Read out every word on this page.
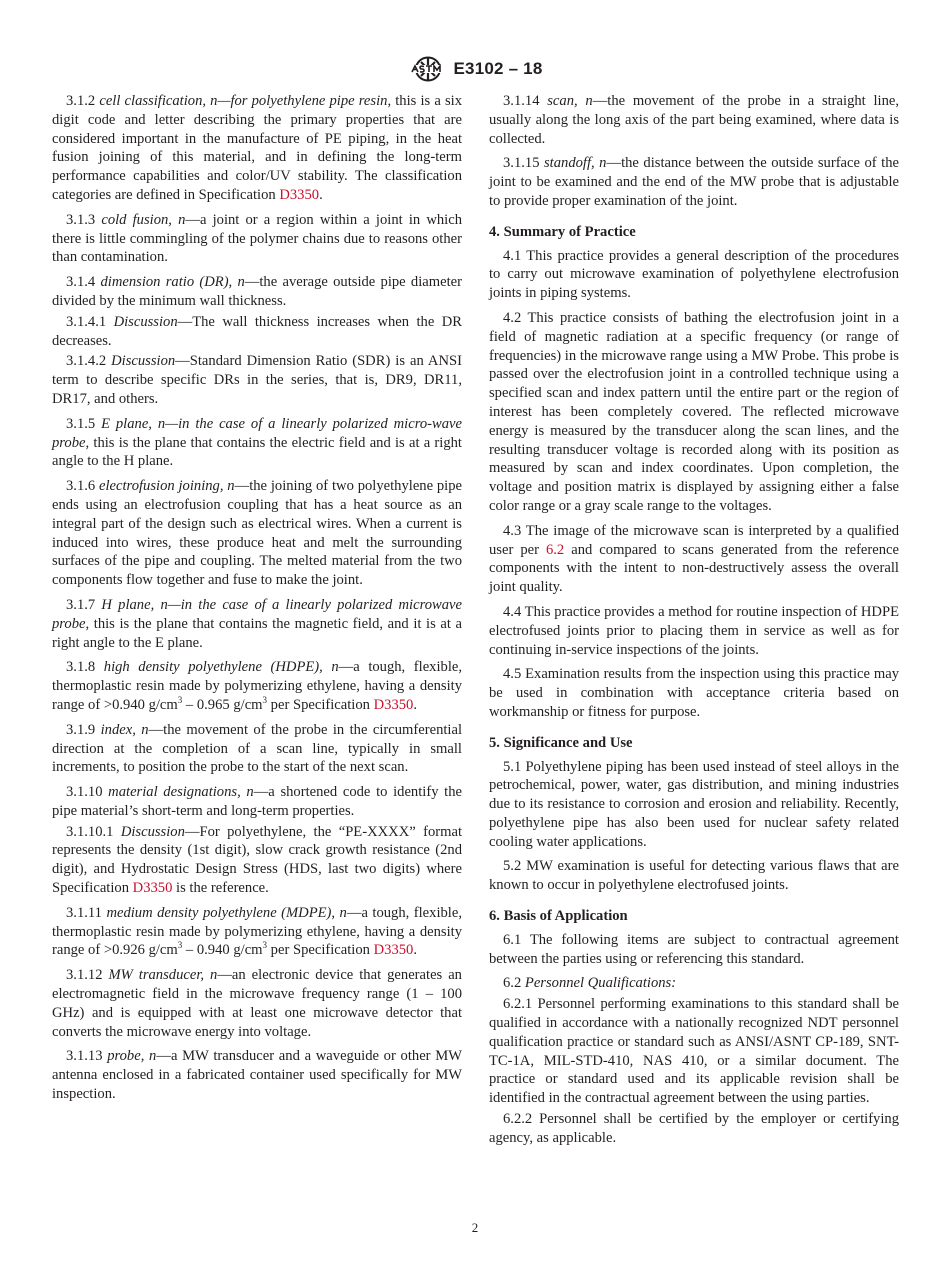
E3102 – 18

3.1.2 cell classification, n—for polyethylene pipe resin, this is a six digit code and letter describing the primary properties that are considered important in the manufacture of PE piping, in the heat fusion joining of this material, and in defining the long-term performance capabilities and color/UV stability. The classification categories are defined in Specification D3350.

3.1.3 cold fusion, n—a joint or a region within a joint in which there is little commingling of the polymer chains due to reasons other than contamination.

3.1.4 dimension ratio (DR), n—the average outside pipe diameter divided by the minimum wall thickness.

3.1.4.1 Discussion—The wall thickness increases when the DR decreases.

3.1.4.2 Discussion—Standard Dimension Ratio (SDR) is an ANSI term to describe specific DRs in the series, that is, DR9, DR11, DR17, and others.

3.1.5 E plane, n—in the case of a linearly polarized micro-wave probe, this is the plane that contains the electric field and is at a right angle to the H plane.

3.1.6 electrofusion joining, n—the joining of two polyethylene pipe ends using an electrofusion coupling that has a heat source as an integral part of the design such as electrical wires. When a current is induced into wires, these produce heat and melt the surrounding surfaces of the pipe and coupling. The melted material from the two components flow together and fuse to make the joint.

3.1.7 H plane, n—in the case of a linearly polarized microwave probe, this is the plane that contains the magnetic field, and it is at a right angle to the E plane.

3.1.8 high density polyethylene (HDPE), n—a tough, flexible, thermoplastic resin made by polymerizing ethylene, having a density range of >0.940 $g/cm^3 - 0.965$ $g/cm^3$ per Specification D3350.

3.1.9 index, n—the movement of the probe in the circumferential direction at the completion of a scan line, typically in small increments, to position the probe to the start of the next scan.

3.1.10 material designations, n—a shortened code to identify the pipe material’s short-term and long-term properties.

3.1.10.1 Discussion—For polyethylene, the “PE-XXXX” format represents the density (1st digit), slow crack growth resistance (2nd digit), and Hydrostatic Design Stress (HDS, last two digits) where Specification D3350 is the reference.

3.1.11 medium density polyethylene (MDPE), n—a tough, flexible, thermoplastic resin made by polymerizing ethylene, having a density range of >0.926 $g/cm^3 - 0.940$ $g/cm^3$ per Specification D3350.

3.1.12 MW transducer, n—an electronic device that generates an electromagnetic field in the microwave frequency range (1 – 100 GHz) and is equipped with at least one microwave detector that converts the microwave energy into voltage.

3.1.13 probe, n—a MW transducer and a waveguide or other MW antenna enclosed in a fabricated container used specifically for MW inspection.

3.1.14 scan, n—the movement of the probe in a straight line, usually along the long axis of the part being examined, where data is collected.

3.1.15 standoff, n—the distance between the outside surface of the joint to be examined and the end of the MW probe that is adjustable to provide proper examination of the joint.

4. Summary of Practice

4.1 This practice provides a general description of the procedures to carry out microwave examination of polyethylene electrofusion joints in piping systems.

4.2 This practice consists of bathing the electrofusion joint in a field of magnetic radiation at a specific frequency (or range of frequencies) in the microwave range using a MW Probe. This probe is passed over the electrofusion joint in a controlled technique using a specified scan and index pattern until the entire part or the region of interest has been completely covered. The reflected microwave energy is measured by the transducer along the scan lines, and the resulting transducer voltage is recorded along with its position as measured by scan and index coordinates. Upon completion, the voltage and position matrix is displayed by assigning either a false color range or a gray scale range to the voltages.

4.3 The image of the microwave scan is interpreted by a qualified user per 6.2 and compared to scans generated from the reference components with the intent to non-destructively assess the overall joint quality.

4.4 This practice provides a method for routine inspection of HDPE electrofused joints prior to placing them in service as well as for continuing in-service inspections of the joints.

4.5 Examination results from the inspection using this practice may be used in combination with acceptance criteria based on workmanship or fitness for purpose.

5. Significance and Use

5.1 Polyethylene piping has been used instead of steel alloys in the petrochemical, power, water, gas distribution, and mining industries due to its resistance to corrosion and erosion and reliability. Recently, polyethylene pipe has also been used for nuclear safety related cooling water applications.

5.2 MW examination is useful for detecting various flaws that are known to occur in polyethylene electrofused joints.

6. Basis of Application

6.1 The following items are subject to contractual agreement between the parties using or referencing this standard.

6.2 Personnel Qualifications:

6.2.1 Personnel performing examinations to this standard shall be qualified in accordance with a nationally recognized NDT personnel qualification practice or standard such as ANSI/ASNT CP-189, SNT-TC-1A, MIL-STD-410, NAS 410, or a similar document. The practice or standard used and its applicable revision shall be identified in the contractual agreement between the using parties.

6.2.2 Personnel shall be certified by the employer or certifying agency, as applicable.

2
